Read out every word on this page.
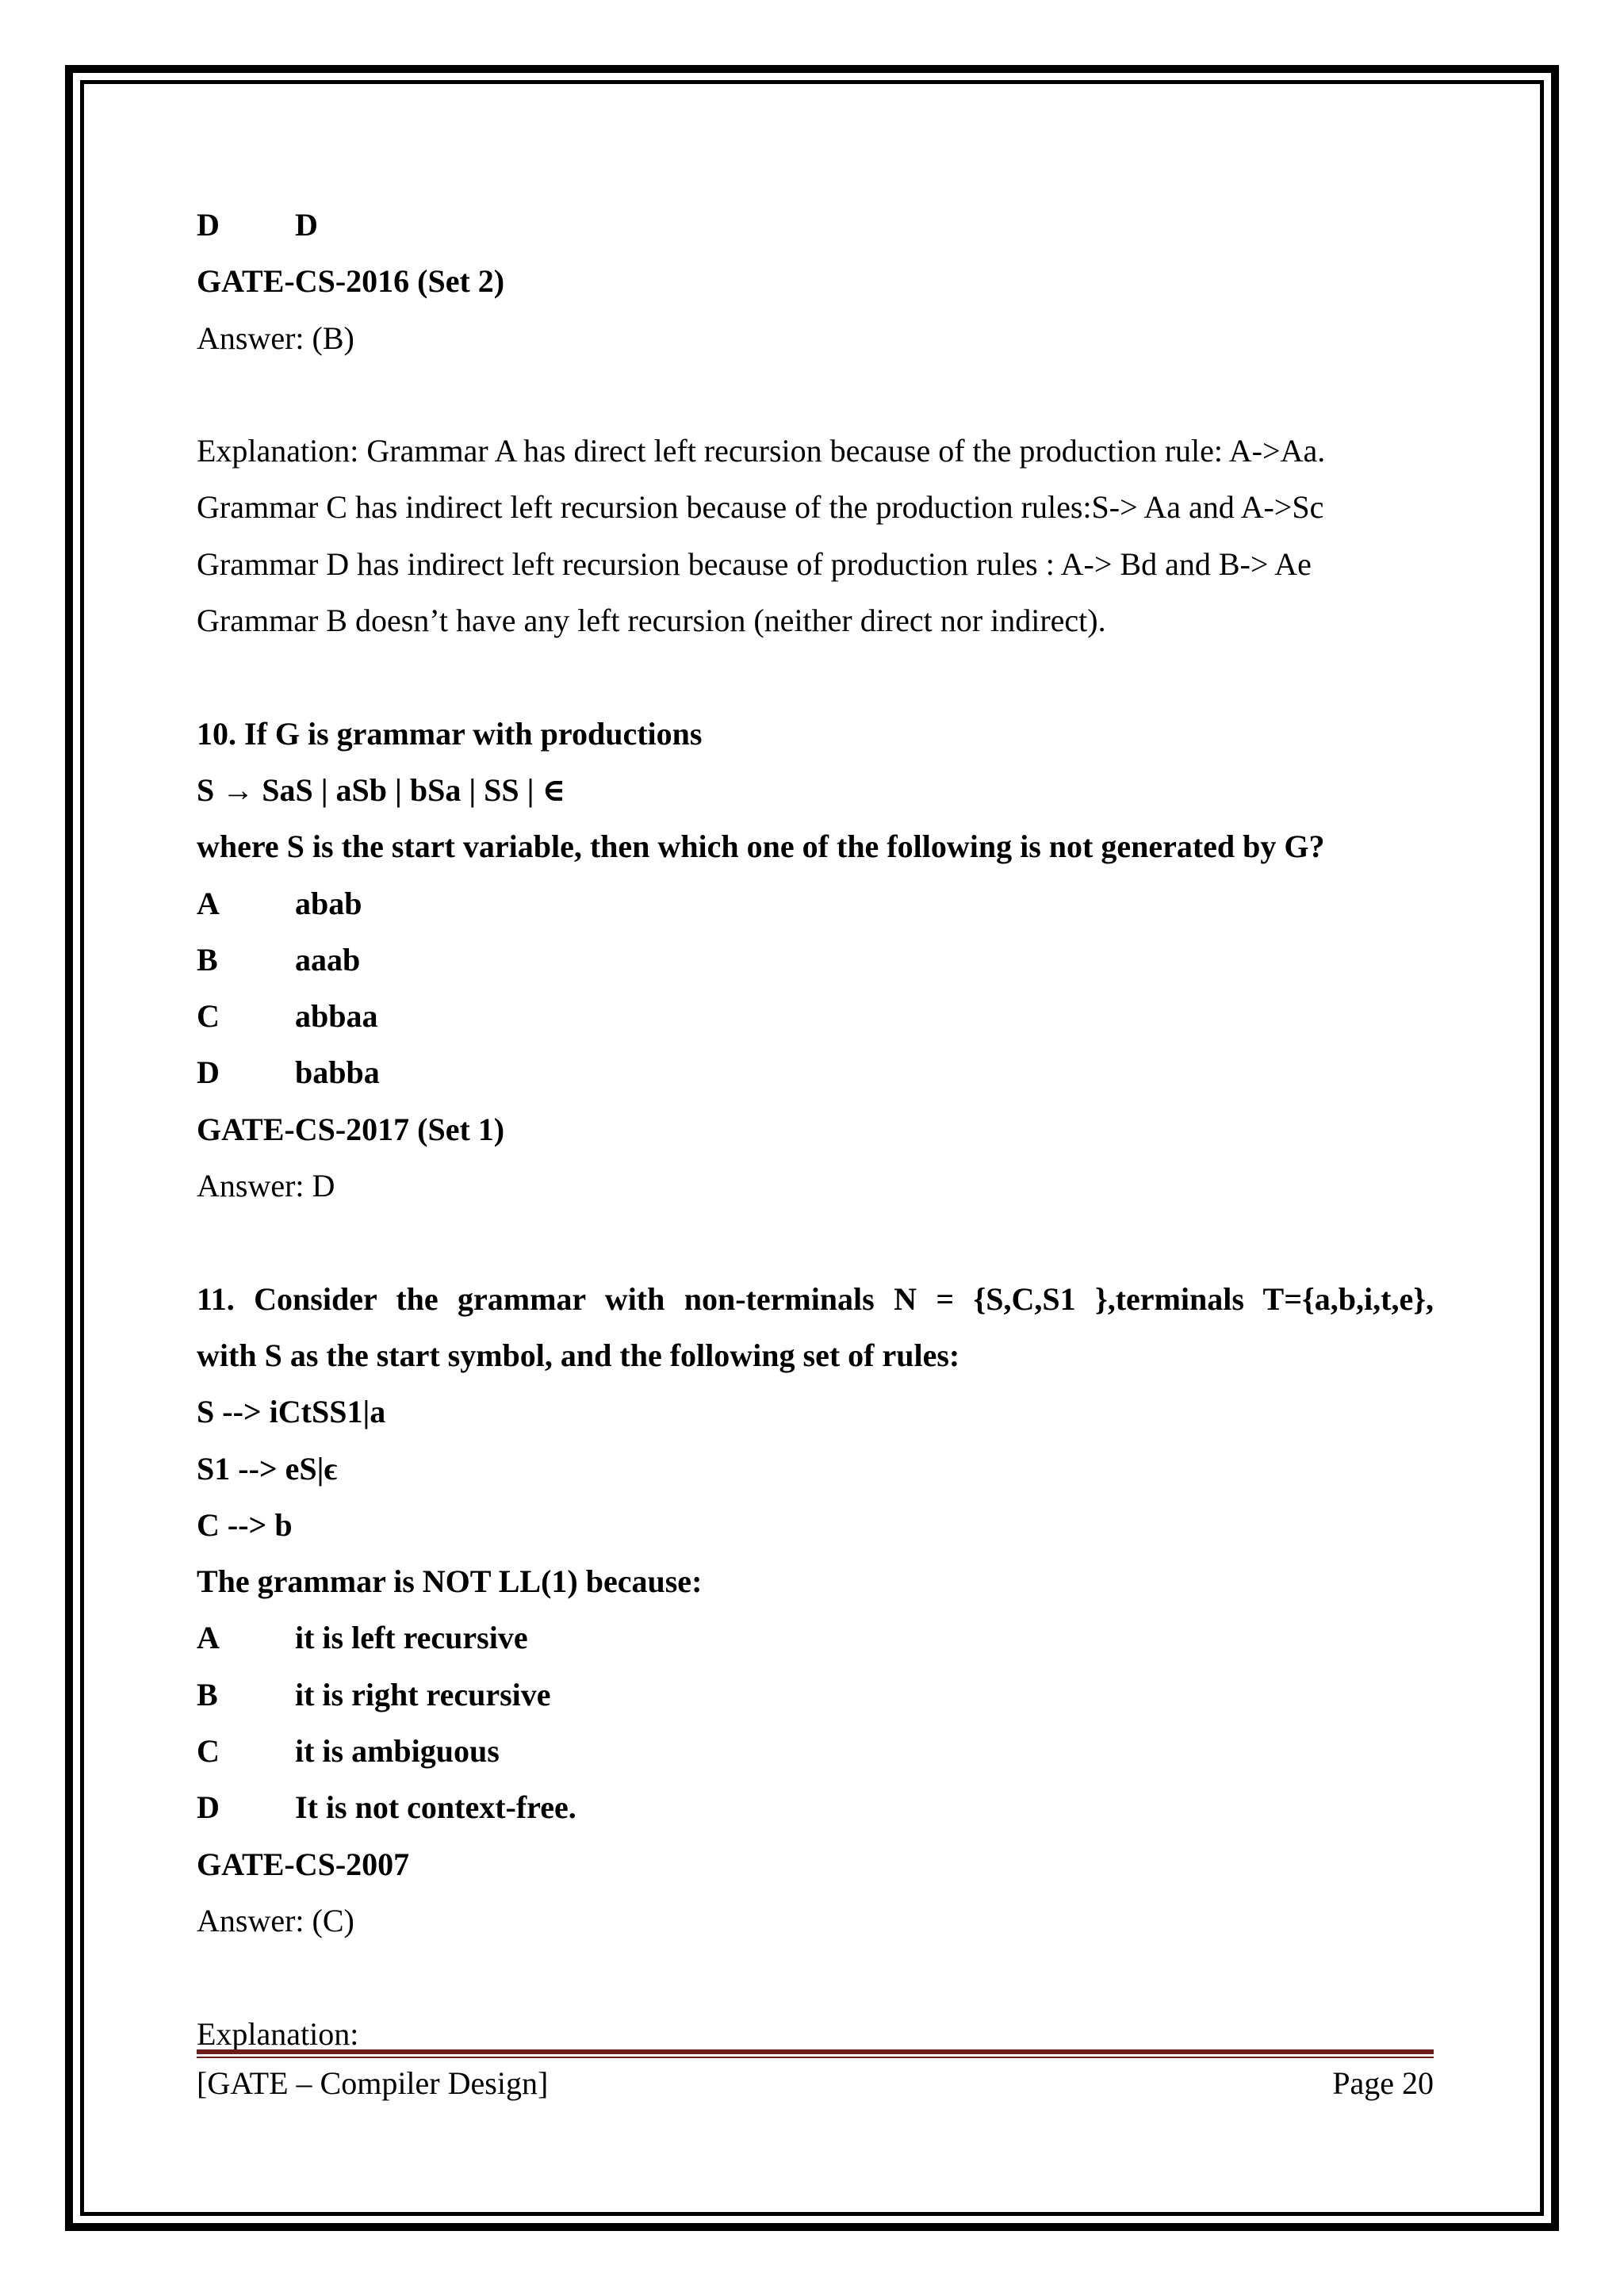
D D
GATE-CS-2016 (Set 2)
Answer: (B)
Explanation: Grammar A has direct left recursion because of the production rule: A->Aa.
Grammar C has indirect left recursion because of the production rules:S-> Aa and A->Sc
Grammar D has indirect left recursion because of production rules : A-> Bd and B-> Ae
Grammar B doesn’t have any left recursion (neither direct nor indirect).
10. If G is grammar with productions
S → SaS | aSb | bSa | SS | ∈
where S is the start variable, then which one of the following is not generated by G?
A abab
B aaab
C abbaa
D babba
GATE-CS-2017 (Set 1)
Answer: D
11. Consider the grammar with non-terminals N = {S,C,S1 },terminals T={a,b,i,t,e},
with S as the start symbol, and the following set of rules:
S --> iCtSS1|a
S1 --> eS|ϵ
C --> b
The grammar is NOT LL(1) because:
A it is left recursive
B it is right recursive
C it is ambiguous
D It is not context-free.
GATE-CS-2007
Answer: (C)
Explanation:
[GATE – Compiler Design]	Page 20
